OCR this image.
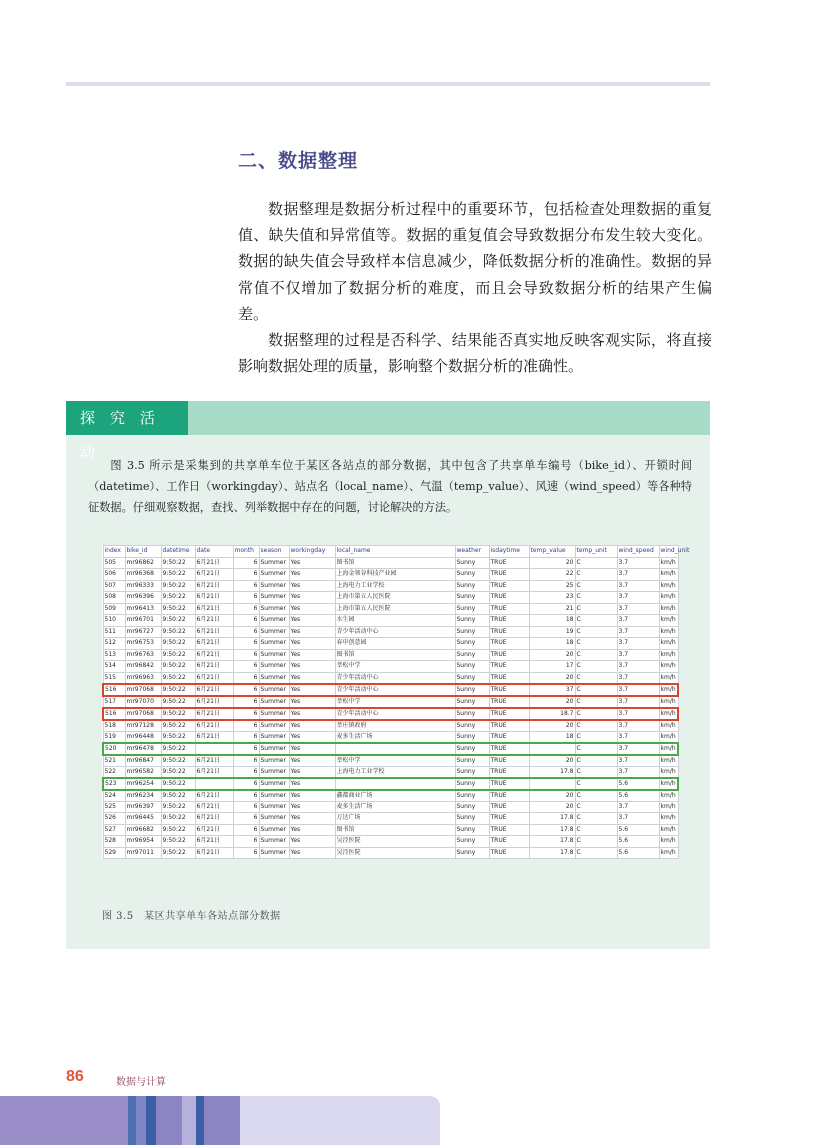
二、数据整理

数据整理是数据分析过程中的重要环节，包括检查处理数据的重复值、缺失值和异常值等。数据的重复值会导致数据分布发生较大变化。数据的缺失值会导致样本信息减少，降低数据分析的准确性。数据的异常值不仅增加了数据分析的难度，而且会导致数据分析的结果产生偏差。

数据整理的过程是否科学、结果能否真实地反映客观实际，将直接影响数据处理的质量，影响整个数据分析的准确性。

探究活动

图 3.5 所示是采集到的共享单车位于某区各站点的部分数据，其中包含了共享单车编号（bike_id）、开锁时间（datetime）、工作日（workingday）、站点名（local_name）、气温（temp_value）、风速（wind_speed）等各种特征数据。仔细观察数据，查找、列举数据中存在的问题，讨论解决的方法。

index	bike_id	datetime	date	month	season	workingday	local_name	weather	isdaytime	temp_value	temp_unit	wind_speed	wind_unit
505	mr96862	9:50:22	6月21日	6	Summer	Yes	图书馆	Sunny	TRUE	20	C	3.7	km/h
506	mr96368	9:50:22	6月21日	6	Summer	Yes	上海金领谷科技产业园	Sunny	TRUE	22	C	3.7	km/h
507	mr96333	9:50:22	6月21日	6	Summer	Yes	上海电力工业学校	Sunny	TRUE	25	C	3.7	km/h
508	mr96396	9:50:22	6月21日	6	Summer	Yes	上海市第五人民医院	Sunny	TRUE	23	C	3.7	km/h
509	mr96413	9:50:22	6月21日	6	Summer	Yes	上海市第五人民医院	Sunny	TRUE	21	C	3.7	km/h
510	mr96701	9:50:22	6月21日	6	Summer	Yes	水生园	Sunny	TRUE	18	C	3.7	km/h
511	mr96727	9:50:22	6月21日	6	Summer	Yes	青少年活动中心	Sunny	TRUE	19	C	3.7	km/h
512	mr96753	9:50:22	6月21日	6	Summer	Yes	春申创意园	Sunny	TRUE	18	C	3.7	km/h
513	mr96763	9:50:22	6月21日	6	Summer	Yes	图书馆	Sunny	TRUE	20	C	3.7	km/h
514	mr96842	9:50:22	6月21日	6	Summer	Yes	莘松中学	Sunny	TRUE	17	C	3.7	km/h
515	mr96963	9:50:22	6月21日	6	Summer	Yes	青少年活动中心	Sunny	TRUE	20	C	3.7	km/h
516	mr97068	9:50:22	6月21日	6	Summer	Yes	青少年活动中心	Sunny	TRUE	37	C	3.7	km/h
517	mr97070	9:50:22	6月21日	6	Summer	Yes	莘松中学	Sunny	TRUE	20	C	3.7	km/h
516	mr97068	9:50:22	6月21日	6	Summer	Yes	青少年活动中心	Sunny	TRUE	18.7	C	3.7	km/h
518	mr97128	9:50:22	6月21日	6	Summer	Yes	莘庄镇政府	Sunny	TRUE	20	C	3.7	km/h
519	mr96448	9:50:22	6月21日	6	Summer	Yes	麦多生活广场	Sunny	TRUE	18	C	3.7	km/h
520	mr96478	9:50:22		6	Summer	Yes		Sunny	TRUE		C	3.7	km/h
521	mr96847	9:50:22	6月21日	6	Summer	Yes	莘松中学	Sunny	TRUE	20	C	3.7	km/h
522	mr96582	9:50:22	6月21日	6	Summer	Yes	上海电力工业学校	Sunny	TRUE	17.8	C	3.7	km/h
523	mr96254	9:50:22		6	Summer	Yes		Sunny	TRUE		C	5.6	km/h
524	mr96234	9:50:22	6月21日	6	Summer	Yes	鑫都商业广场	Sunny	TRUE	20	C	5.6	km/h
525	mr96397	9:50:22	6月21日	6	Summer	Yes	麦多生活广场	Sunny	TRUE	20	C	3.7	km/h
526	mr96445	9:50:22	6月21日	6	Summer	Yes	万达广场	Sunny	TRUE	17.8	C	3.7	km/h
527	mr96682	9:50:22	6月21日	6	Summer	Yes	图书馆	Sunny	TRUE	17.8	C	5.6	km/h
528	mr96954	9:50:22	6月21日	6	Summer	Yes	吴泾医院	Sunny	TRUE	17.8	C	5.6	km/h
529	mr97011	9:50:22	6月21日	6	Summer	Yes	吴泾医院	Sunny	TRUE	17.8	C	5.6	km/h
图 3.5　某区共享单车各站点部分数据
86	数据与计算
